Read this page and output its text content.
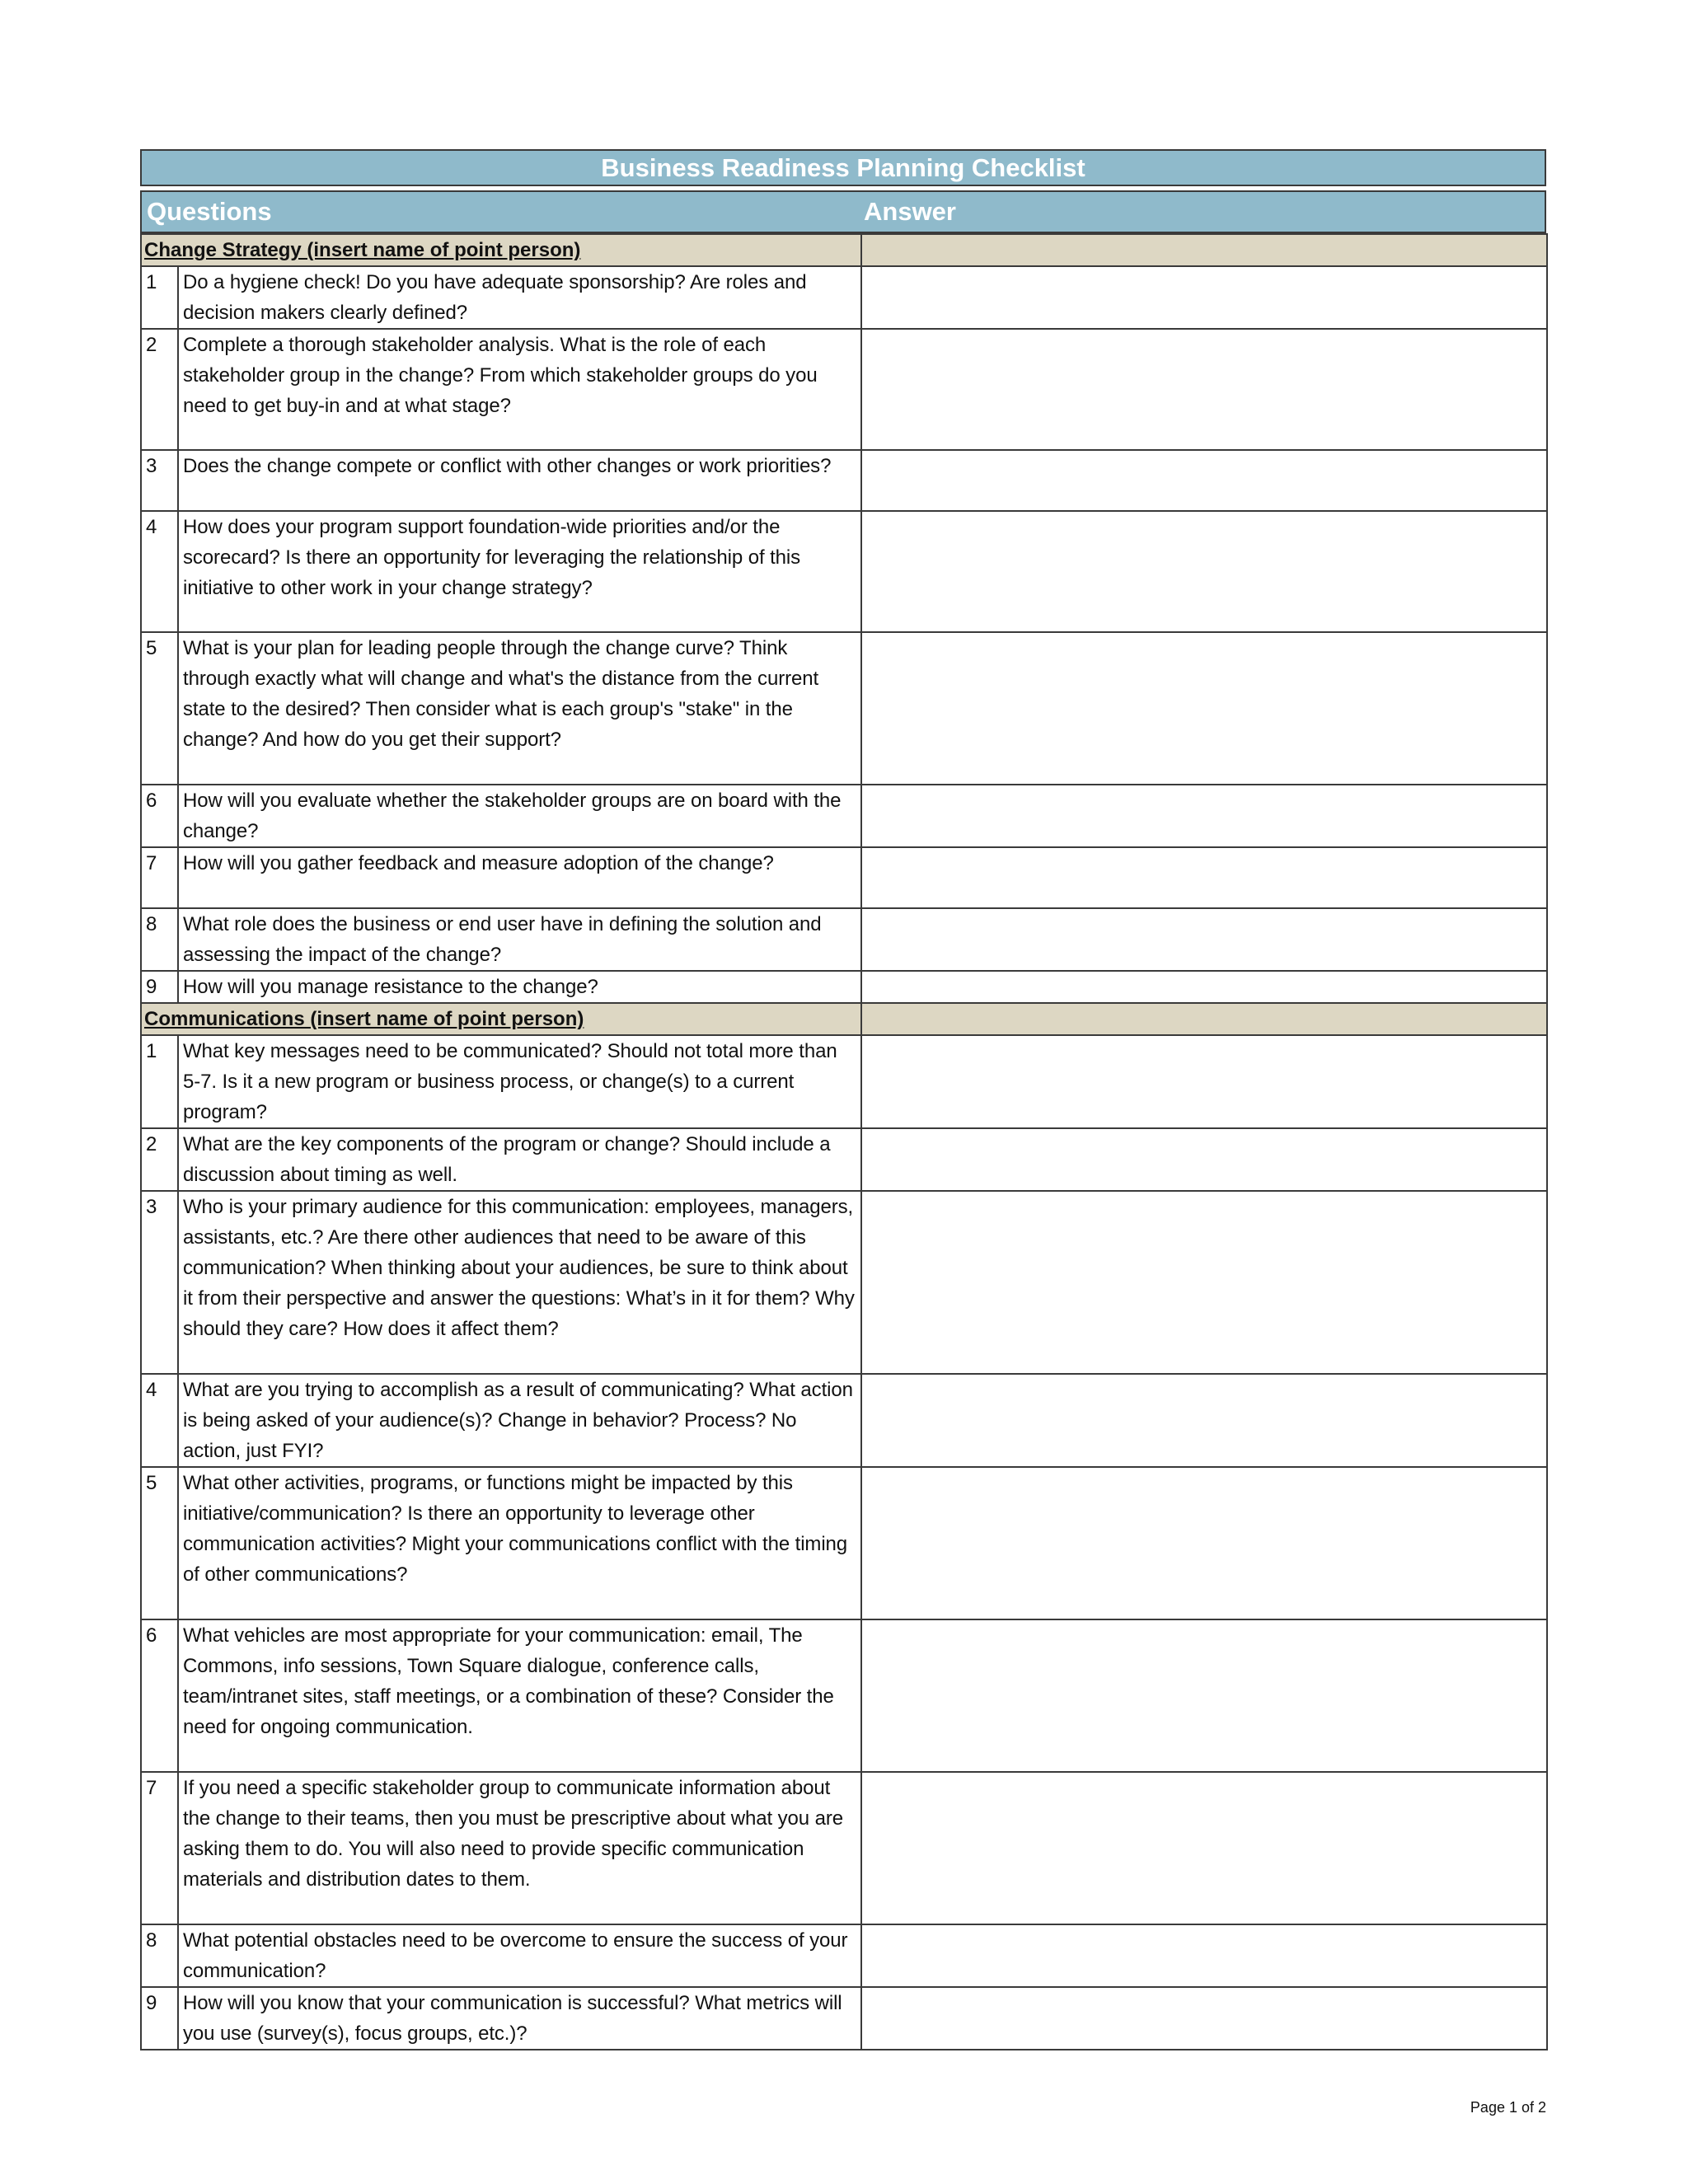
Business Readiness Planning Checklist
Questions	Answer
Change Strategy (insert name of point person)		
1	Do a hygiene check! Do you have adequate sponsorship? Are roles and decision makers clearly defined?	
2	Complete a thorough stakeholder analysis. What is the role of each stakeholder group in the change? From which stakeholder groups do you need to get buy-in and at what stage?	
3	Does the change compete or conflict with other changes or work priorities?	
4	How does your program support foundation-wide priorities and/or the scorecard? Is there an opportunity for leveraging the relationship of this initiative to other work in your change strategy?	
5	What is your plan for leading people through the change curve? Think through exactly what will change and what's the distance from the current state to the desired? Then consider what is each group's "stake" in the change? And how do you get their support?	
6	How will you evaluate whether the stakeholder groups are on board with the change?	
7	How will you gather feedback and measure adoption of the change?	
8	What role does the business or end user have in defining the solution and assessing the impact of the change?	
9	How will you manage resistance to the change?	
Communications (insert name of point person)		
1	What key messages need to be communicated? Should not total more than 5-7. Is it a new program or business process, or change(s) to a current program?	
2	What are the key components of the program or change? Should include a discussion about timing as well.	
3	Who is your primary audience for this communication: employees, managers, assistants, etc.? Are there other audiences that need to be aware of this communication? When thinking about your audiences, be sure to think about it from their perspective and answer the questions: What’s in it for them? Why should they care? How does it affect them?	
4	What are you trying to accomplish as a result of communicating? What action is being asked of your audience(s)? Change in behavior? Process? No action, just FYI?	
5	What other activities, programs, or functions might be impacted by this initiative/communication? Is there an opportunity to leverage other communication activities? Might your communications conflict with the timing of other communications?	
6	What vehicles are most appropriate for your communication: email, The Commons, info sessions, Town Square dialogue, conference calls, team/intranet sites, staff meetings, or a combination of these? Consider the need for ongoing communication.	
7	If you need a specific stakeholder group to communicate information about the change to their teams, then you must be prescriptive about what you are asking them to do. You will also need to provide specific communication materials and distribution dates to them.	
8	What potential obstacles need to be overcome to ensure the success of your communication?	
9	How will you know that your communication is successful? What metrics will you use (survey(s), focus groups, etc.)?	
Page 1 of 2
